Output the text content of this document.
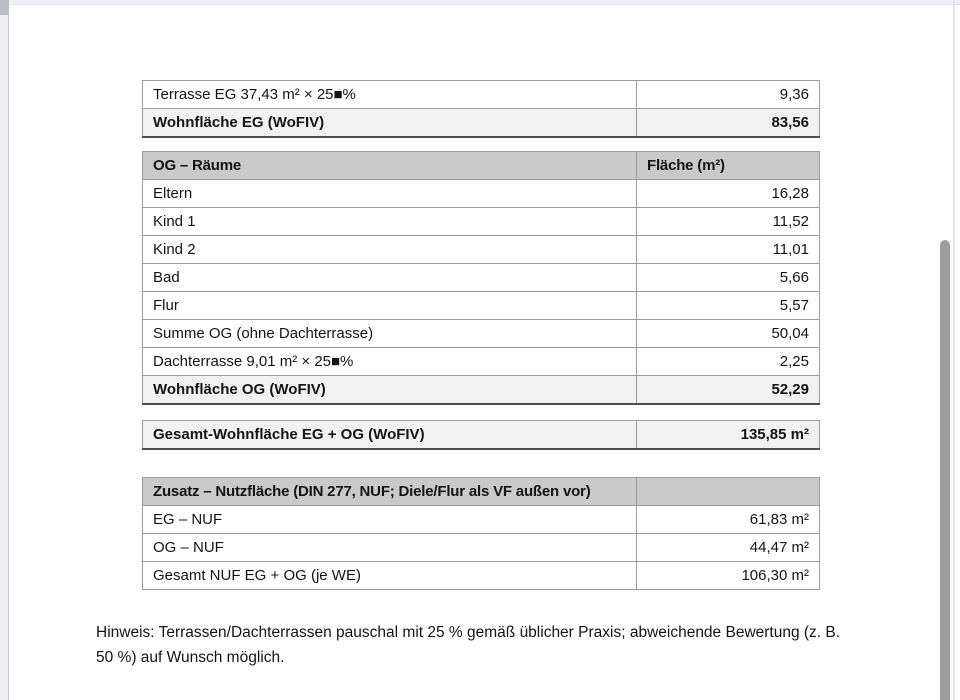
Terrasse EG 37,43 m² × 25■%	9,36
Wohnfläche EG (WoFIV)	83,56
OG – Räume	Fläche (m²)
Eltern	16,28
Kind 1	11,52
Kind 2	11,01
Bad	5,66
Flur	5,57
Summe OG (ohne Dachterrasse)	50,04
Dachterrasse 9,01 m² × 25■%	2,25
Wohnfläche OG (WoFIV)	52,29
Gesamt-Wohnfläche EG + OG (WoFIV)	135,85 m²
Zusatz – Nutzfläche (DIN 277, NUF; Diele/Flur als VF außen vor)	
EG – NUF	61,83 m²
OG – NUF	44,47 m²
Gesamt NUF EG + OG (je WE)	106,30 m²
Hinweis: Terrassen/Dachterrassen pauschal mit 25 % gemäß üblicher Praxis; abweichende Bewertung (z. B.
50 %) auf Wunsch möglich.
